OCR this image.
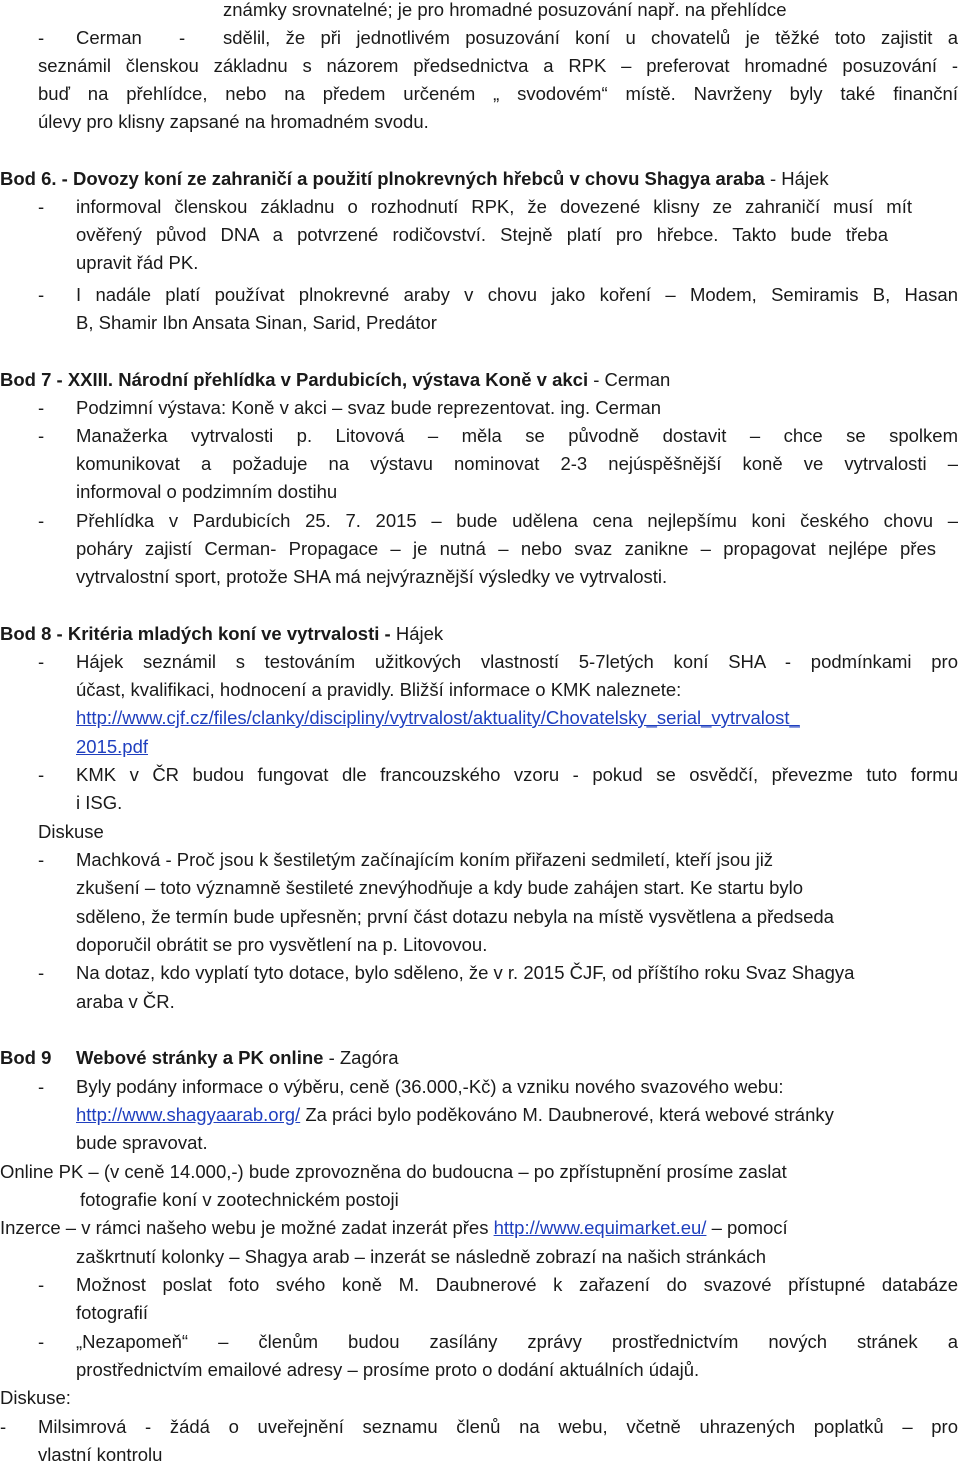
známky srovnatelné; je pro hromadné posuzování např. na přehlídce
- Cerman - sdělil, že při jednotlivém posuzování koní u chovatelů je těžké toto zajistit a
seznámil členskou základnu s názorem předsednictva a RPK – preferovat hromadné posuzování -
buď na přehlídce, nebo na předem určeném „ svodovém“ místě. Navrženy byly také finanční
úlevy pro klisny zapsané na hromadném svodu.
Bod 6. - Dovozy koní ze zahraničí a použití plnokrevných hřebců v chovu Shagya araba - Hájek
- informoval členskou základnu o rozhodnutí RPK, že dovezené klisny ze zahraničí musí mít
ověřený původ DNA a potvrzené rodičovství. Stejně platí pro hřebce. Takto bude třeba
upravit řád PK.
- I nadále platí používat plnokrevné araby v chovu jako koření – Modem, Semiramis B, Hasan
B, Shamir Ibn Ansata Sinan, Sarid, Predátor
Bod 7 - XXIII. Národní přehlídka v Pardubicích, výstava Koně v akci - Cerman
- Podzimní výstava: Koně v akci – svaz bude reprezentovat. ing. Cerman
- Manažerka vytrvalosti p. Litovová – měla se původně dostavit – chce se spolkem
komunikovat a požaduje na výstavu nominovat 2-3 nejúspěšnější koně ve vytrvalosti –
informoval o podzimním dostihu
- Přehlídka v Pardubicích 25. 7. 2015 – bude udělena cena nejlepšímu koni českého chovu –
poháry zajistí Cerman- Propagace – je nutná – nebo svaz zanikne – propagovat nejlépe přes
vytrvalostní sport, protože SHA má nejvýraznější výsledky ve vytrvalosti.
Bod 8 - Kritéria mladých koní ve vytrvalosti - Hájek
- Hájek seznámil s testováním užitkových vlastností 5-7letých koní SHA - podmínkami pro
účast, kvalifikaci, hodnocení a pravidly. Bližší informace o KMK naleznete:
http://www.cjf.cz/files/clanky/discipliny/vytrvalost/aktuality/Chovatelsky_serial_vytrvalost_
2015.pdf
- KMK v ČR budou fungovat dle francouzského vzoru - pokud se osvědčí, převezme tuto formu
i ISG.
Diskuse
- Machková - Proč jsou k šestiletým začínajícím koním přiřazeni sedmiletí, kteří jsou již
zkušení – toto významně šestileté znevýhodňuje a kdy bude zahájen start. Ke startu bylo
sděleno, že termín bude upřesněn; první část dotazu nebyla na místě vysvětlena a předseda
doporučil obrátit se pro vysvětlení na p. Litovovou.
- Na dotaz, kdo vyplatí tyto dotace, bylo sděleno, že v r. 2015 ČJF, od příštího roku Svaz Shagya
araba v ČR.
Bod 9 Webové stránky a PK online - Zagóra
- Byly podány informace o výběru, ceně (36.000,-Kč) a vzniku nového svazového webu:
http://www.shagyaarab.org/ Za práci bylo poděkováno M. Daubnerové, která webové stránky
bude spravovat.
Online PK – (v ceně 14.000,-) bude zprovozněna do budoucna – po zpřístupnění prosíme zaslat
fotografie koní v zootechnickém postoji
Inzerce – v rámci našeho webu je možné zadat inzerát přes http://www.equimarket.eu/ – pomocí
zaškrtnutí kolonky – Shagya arab – inzerát se následně zobrazí na našich stránkách
- Možnost poslat foto svého koně M. Daubnerové k zařazení do svazové přístupné databáze
fotografií
- „Nezapomeň“ – členům budou zasílány zprávy prostřednictvím nových stránek a
prostřednictvím emailové adresy – prosíme proto o dodání aktuálních údajů.
Diskuse:
- Milsimrová - žádá o uveřejnění seznamu členů na webu, včetně uhrazených poplatků – pro
vlastní kontrolu
